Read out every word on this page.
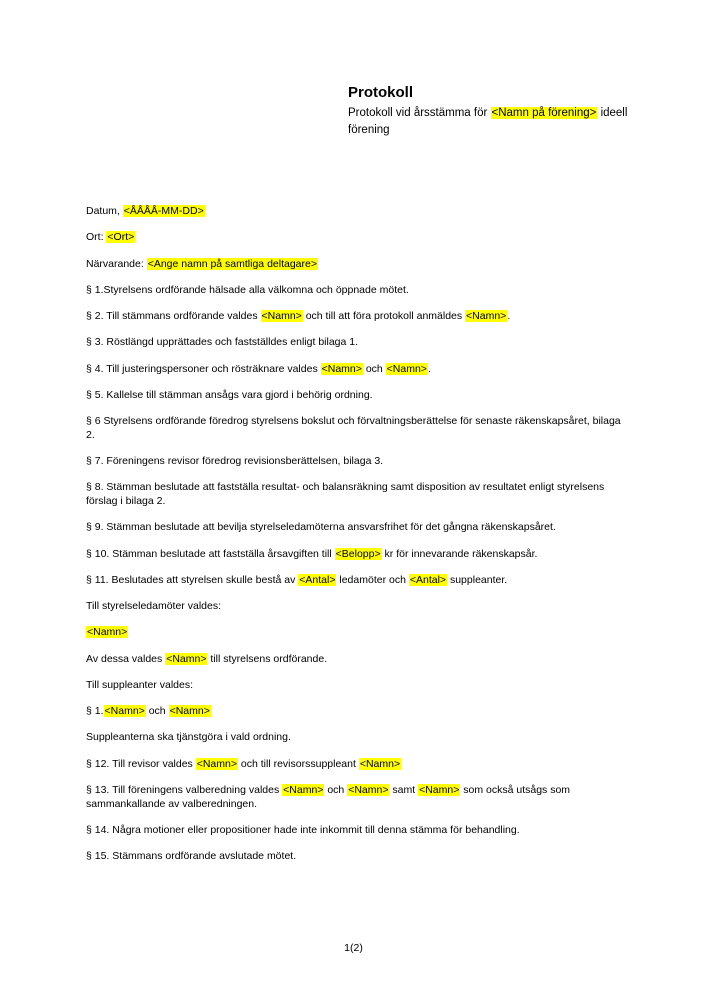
Protokoll
Protokoll vid årsstämma för <Namn på förening> ideell förening

Datum, <ÅÅÅÅ-MM-DD>

Ort: <Ort>

Närvarande: <Ange namn på samtliga deltagare>

§ 1.Styrelsens ordförande hälsade alla välkomna och öppnade mötet.

§ 2. Till stämmans ordförande valdes <Namn> och till att föra protokoll anmäldes <Namn>.

§ 3. Röstlängd upprättades och fastställdes enligt bilaga 1.

§ 4. Till justeringspersoner och rösträknare valdes <Namn> och <Namn>.

§ 5. Kallelse till stämman ansågs vara gjord i behörig ordning.

§ 6 Styrelsens ordförande föredrog styrelsens bokslut och förvaltningsberättelse för senaste räkenskapsåret, bilaga 2.

§ 7. Föreningens revisor föredrog revisionsberättelsen, bilaga 3.

§ 8. Stämman beslutade att fastställa resultat- och balansräkning samt disposition av resultatet enligt styrelsens förslag i bilaga 2.

§ 9. Stämman beslutade att bevilja styrelseledamöterna ansvarsfrihet för det gångna räkenskapsåret.

§ 10. Stämman beslutade att fastställa årsavgiften till <Belopp> kr för innevarande räkenskapsår.

§ 11. Beslutades att styrelsen skulle bestå av <Antal> ledamöter och <Antal> suppleanter.

Till styrelseledamöter valdes:

<Namn>

Av dessa valdes <Namn> till styrelsens ordförande.

Till suppleanter valdes:

§ 1.<Namn> och <Namn>

Suppleanterna ska tjänstgöra i vald ordning.

§ 12. Till revisor valdes <Namn> och till revisorssuppleant <Namn>

§ 13. Till föreningens valberedning valdes <Namn> och <Namn> samt <Namn> som också utsågs som sammankallande av valberedningen.

§ 14. Några motioner eller propositioner hade inte inkommit till denna stämma för behandling.

§ 15. Stämmans ordförande avslutade mötet.

1(2)
